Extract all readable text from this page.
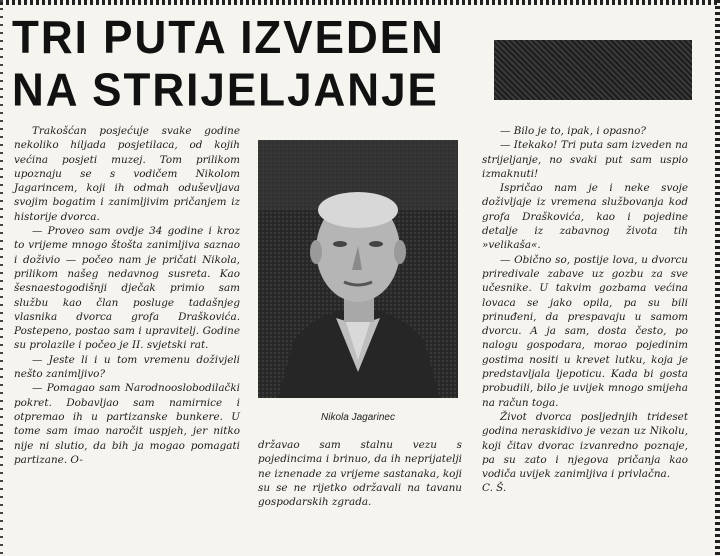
TRI PUTA IZVEDEN
NA STRIJELJANJE

Trakošćan posjećuje svake godine nekoliko hiljada posjetilaca, od kojih većina posjeti muzej. Tom prilikom upoznaju se s vodičem Nikolom Jagarincem, koji ih odmah oduševljava svojim bogatim i zanimljivim pričanjem iz historije dvorca.

— Proveo sam ovdje 34 godine i kroz to vrijeme mnogo štošta zanimljiva saznao i doživio — počeo nam je pričati Nikola, prilikom našeg nedavnog susreta. Kao šesnaestogodišnji dječak primio sam službu kao član posluge tadašnjeg vlasnika dvorca grofa Draškovića. Postepeno, postao sam i upravitelj. Godine su prolazile i počeo je II. svjetski rat.

— Jeste li i u tom vremenu doživjeli nešto zanimljivo?

— Pomagao sam Narodnooslobodilački pokret. Dobavljao sam namirnice i otpremao ih u partizanske bunkere. U tome sam imao naročit uspjeh, jer nitko nije ni slutio, da bih ja mogao pomagati partizane. O-

Nikola Jagarinec

državao sam stalnu vezu s pojedincima i brinuo, da ih neprijatelji ne iznenade za vrijeme sastanaka, koji su se ne rijetko održavali na tavanu gospodarskih zgrada.

— Bilo je to, ipak, i opasno?

— Itekako! Tri puta sam izveden na strijeljanje, no svaki put sam uspio izmaknuti!

Ispričao nam je i neke svoje doživljaje iz vremena službovanja kod grofa Draškovića, kao i pojedine detalje iz zabavnog života tih »velikaša«.

— Obično so, postije lova, u dvorcu priredivale zabave uz gozbu za sve učesnike. U takvim gozbama većina lovaca se jako opila, pa su bili prinuđeni, da prespavaju u samom dvorcu. A ja sam, dosta često, po nalogu gospodara, morao pojedinim gostima nositi u krevet lutku, koja je predstavljala ljepoticu. Kada bi gosta probudili, bilo je uvijek mnogo smijeha na račun toga.

Život dvorca posljednjih trideset godina neraskidivo je vezan uz Nikolu, koji čitav dvorac izvanredno poznaje, pa su zato i njegova pričanja kao vodiča uvijek zanimljiva i privlačna.

C. Š.
